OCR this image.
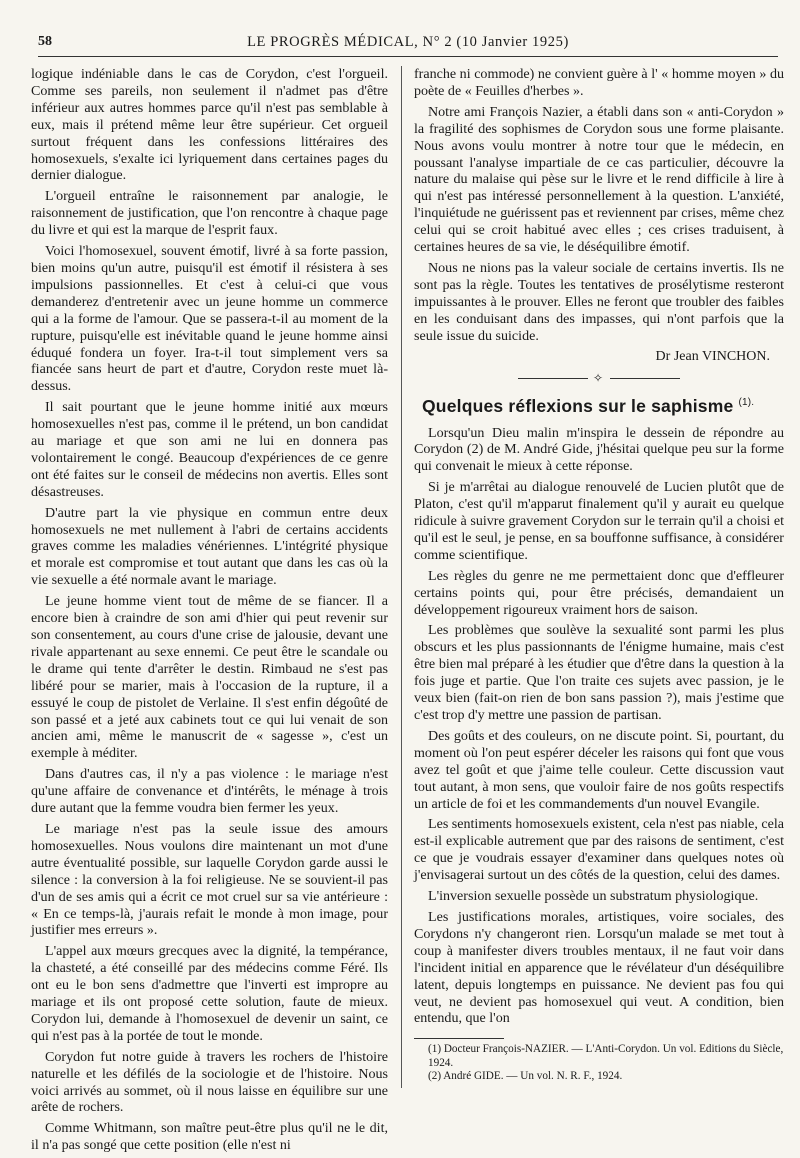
58	LE PROGRÈS MÉDICAL, N° 2 (10 Janvier 1925)

logique indéniable dans le cas de Corydon, c'est l'orgueil. Comme ses pareils, non seulement il n'admet pas d'être inférieur aux autres hommes parce qu'il n'est pas semblable à eux, mais il prétend même leur être supérieur. Cet orgueil surtout fréquent dans les confessions littéraires des homosexuels, s'exalte ici lyriquement dans certaines pages du dernier dialogue.

L'orgueil entraîne le raisonnement par analogie, le raisonnement de justification, que l'on rencontre à chaque page du livre et qui est la marque de l'esprit faux.

Voici l'homosexuel, souvent émotif, livré à sa forte passion, bien moins qu'un autre, puisqu'il est émotif il résistera à ses impulsions passionnelles. Et c'est à celui-ci que vous demanderez d'entretenir avec un jeune homme un commerce qui a la forme de l'amour. Que se passera-t-il au moment de la rupture, puisqu'elle est inévitable quand le jeune homme ainsi éduqué fondera un foyer. Ira-t-il tout simplement vers sa fiancée sans heurt de part et d'autre, Corydon reste muet là-dessus.

Il sait pourtant que le jeune homme initié aux mœurs homosexuelles n'est pas, comme il le prétend, un bon candidat au mariage et que son ami ne lui en donnera pas volontairement le congé. Beaucoup d'expériences de ce genre ont été faites sur le conseil de médecins non avertis. Elles sont désastreuses.

D'autre part la vie physique en commun entre deux homosexuels ne met nullement à l'abri de certains accidents graves comme les maladies vénériennes. L'intégrité physique et morale est compromise et tout autant que dans les cas où la vie sexuelle a été normale avant le mariage.

Le jeune homme vient tout de même de se fiancer. Il a encore bien à craindre de son ami d'hier qui peut revenir sur son consentement, au cours d'une crise de jalousie, devant une rivale appartenant au sexe ennemi. Ce peut être le scandale ou le drame qui tente d'arrêter le destin. Rimbaud ne s'est pas libéré pour se marier, mais à l'occasion de la rupture, il a essuyé le coup de pistolet de Verlaine. Il s'est enfin dégoûté de son passé et a jeté aux cabinets tout ce qui lui venait de son ancien ami, même le manuscrit de « sagesse », c'est un exemple à méditer.

Dans d'autres cas, il n'y a pas violence : le mariage n'est qu'une affaire de convenance et d'intérêts, le ménage à trois dure autant que la femme voudra bien fermer les yeux.

Le mariage n'est pas la seule issue des amours homosexuelles. Nous voulons dire maintenant un mot d'une autre éventualité possible, sur laquelle Corydon garde aussi le silence : la conversion à la foi religieuse. Ne se souvient-il pas d'un de ses amis qui a écrit ce mot cruel sur sa vie antérieure : « En ce temps-là, j'aurais refait le monde à mon image, pour justifier mes erreurs ».

L'appel aux mœurs grecques avec la dignité, la tempérance, la chasteté, a été conseillé par des médecins comme Féré. Ils ont eu le bon sens d'admettre que l'inverti est impropre au mariage et ils ont proposé cette solution, faute de mieux. Corydon lui, demande à l'homosexuel de devenir un saint, ce qui n'est pas à la portée de tout le monde.

Corydon fut notre guide à travers les rochers de l'histoire naturelle et les défilés de la sociologie et de l'histoire. Nous voici arrivés au sommet, où il nous laisse en équilibre sur une arête de rochers.

Comme Whitmann, son maître peut-être plus qu'il ne le dit, il n'a pas songé que cette position (elle n'est ni

franche ni commode) ne convient guère à l' « homme moyen » du poète de « Feuilles d'herbes ».

Notre ami François Nazier, a établi dans son « anti-Corydon » la fragilité des sophismes de Corydon sous une forme plaisante. Nous avons voulu montrer à notre tour que le médecin, en poussant l'analyse impartiale de ce cas particulier, découvre la nature du malaise qui pèse sur le livre et le rend difficile à lire à qui n'est pas intéressé personnellement à la question. L'anxiété, l'inquiétude ne guérissent pas et reviennent par crises, même chez celui qui se croit habitué avec elles ; ces crises traduisent, à certaines heures de sa vie, le déséquilibre émotif.

Nous ne nions pas la valeur sociale de certains invertis. Ils ne sont pas la règle. Toutes les tentatives de prosélytisme resteront impuissantes à le prouver. Elles ne feront que troubler des faibles en les conduisant dans des impasses, qui n'ont parfois que la seule issue du suicide.

Dr Jean VINCHON.
✧
Quelques réflexions sur le saphisme $^{(1).}$

Lorsqu'un Dieu malin m'inspira le dessein de répondre au Corydon (2) de M. André Gide, j'hésitai quelque peu sur la forme qui convenait le mieux à cette réponse.

Si je m'arrêtai au dialogue renouvelé de Lucien plutôt que de Platon, c'est qu'il m'apparut finalement qu'il y aurait eu quelque ridicule à suivre gravement Corydon sur le terrain qu'il a choisi et qu'il est le seul, je pense, en sa bouffonne suffisance, à considérer comme scientifique.

Les règles du genre ne me permettaient donc que d'effleurer certains points qui, pour être précisés, demandaient un développement rigoureux vraiment hors de saison.

Les problèmes que soulève la sexualité sont parmi les plus obscurs et les plus passionnants de l'énigme humaine, mais c'est être bien mal préparé à les étudier que d'être dans la question à la fois juge et partie. Que l'on traite ces sujets avec passion, je le veux bien (fait-on rien de bon sans passion ?), mais j'estime que c'est trop d'y mettre une passion de partisan.

Des goûts et des couleurs, on ne discute point. Si, pourtant, du moment où l'on peut espérer déceler les raisons qui font que vous avez tel goût et que j'aime telle couleur. Cette discussion vaut tout autant, à mon sens, que vouloir faire de nos goûts respectifs un article de foi et les commandements d'un nouvel Evangile.

Les sentiments homosexuels existent, cela n'est pas niable, cela est-il explicable autrement que par des raisons de sentiment, c'est ce que je voudrais essayer d'examiner dans quelques notes où j'envisagerai surtout un des côtés de la question, celui des dames.

L'inversion sexuelle possède un substratum physiologique.

Les justifications morales, artistiques, voire sociales, des Corydons n'y changeront rien. Lorsqu'un malade se met tout à coup à manifester divers troubles mentaux, il ne faut voir dans l'incident initial en apparence que le révélateur d'un déséquilibre latent, depuis longtemps en puissance. Ne devient pas fou qui veut, ne devient pas homosexuel qui veut. A condition, bien entendu, que l'on

(1) Docteur François-NAZIER. — L'Anti-Corydon. Un vol. Editions du Siècle, 1924.
(2) André GIDE. — Un vol. N. R. F., 1924.
